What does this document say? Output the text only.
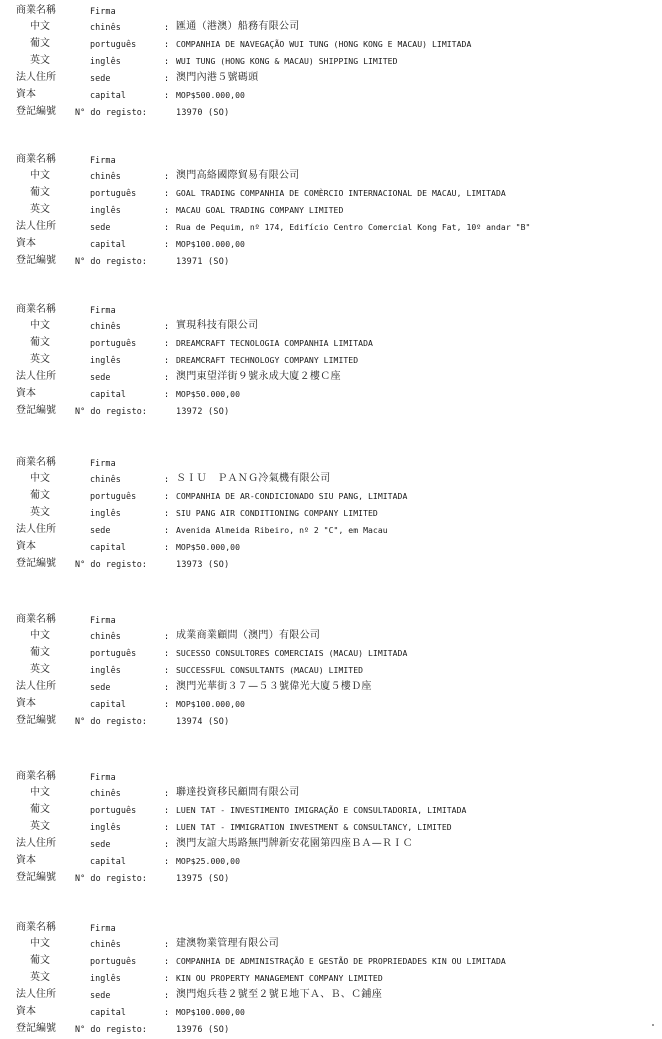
商業名稱	Firma
中文	chinês	: 匯通（港澳）船務有限公司
葡文	português	: COMPANHIA DE NAVEGAÇÃO WUI TUNG (HONG KONG E MACAU) LIMITADA
英文	inglês	: WUI TUNG (HONG KONG & MACAU) SHIPPING LIMITED
法人住所	sede	: 澳門內港５號碼頭
資本	capital	: MOP$500.000,00
登記編號 N° do registo:	13970 (SO)
商業名稱	Firma
中文	chinês	: 澳門高絡國際貿易有限公司
葡文	português	: GOAL TRADING COMPANHIA DE COMÈRCIO INTERNACIONAL DE MACAU, LIMITADA
英文	inglês	: MACAU GOAL TRADING COMPANY LIMITED
法人住所	sede	: Rua de Pequim, nº 174, Edifício Centro Comercial Kong Fat, 10º andar "B"
資本	capital	: MOP$100.000,00
登記編號 N° do registo:	13971 (SO)
商業名稱	Firma
中文	chinês	: 實現科技有限公司
葡文	português	: DREAMCRAFT TECNOLOGIA COMPANHIA LIMITADA
英文	inglês	: DREAMCRAFT TECHNOLOGY COMPANY LIMITED
法人住所	sede	: 澳門東望洋街９號永成大廈２樓Ｃ座
資本	capital	: MOP$50.000,00
登記編號 N° do registo:	13972 (SO)
商業名稱	Firma
中文	chinês	: ＳＩＵ　ＰＡＮＧ冷氣機有限公司
葡文	português	: COMPANHIA DE AR-CONDICIONADO SIU PANG, LIMITADA
英文	inglês	: SIU PANG AIR CONDITIONING COMPANY LIMITED
法人住所	sede	: Avenida Almeida Ribeiro, nº 2 "C", em Macau
資本	capital	: MOP$50.000,00
登記編號 N° do registo:	13973 (SO)
商業名稱	Firma
中文	chinês	: 成業商業顧問（澳門）有限公司
葡文	português	: SUCESSO CONSULTORES COMERCIAIS (MACAU) LIMITADA
英文	inglês	: SUCCESSFUL CONSULTANTS (MACAU) LIMITED
法人住所	sede	: 澳門光華街３７—５３號偉光大廈５樓Ｄ座
資本	capital	: MOP$100.000,00
登記編號 N° do registo:	13974 (SO)
商業名稱	Firma
中文	chinês	: 聯達投資移民顧問有限公司
葡文	português	: LUEN TAT - INVESTIMENTO IMIGRAÇÃO E CONSULTADORIA, LIMITADA
英文	inglês	: LUEN TAT - IMMIGRATION INVESTMENT & CONSULTANCY, LIMITED
法人住所	sede	: 澳門友誼大馬路無門牌新安花園第四座ＢＡ—ＲＩＣ
資本	capital	: MOP$25.000,00
登記編號 N° do registo:	13975 (SO)
商業名稱	Firma
中文	chinês	: 建澳物業管理有限公司
葡文	português	: COMPANHIA DE ADMINISTRAÇÃO E GESTÃO DE PROPRIEDADES KIN OU LIMITADA
英文	inglês	: KIN OU PROPERTY MANAGEMENT COMPANY LIMITED
法人住所	sede	: 澳門炮兵巷２號至２號Ｅ地下Ａ、Ｂ、Ｃ鋪座
資本	capital	: MOP$100.000,00
登記編號 N° do registo:	13976 (SO)
